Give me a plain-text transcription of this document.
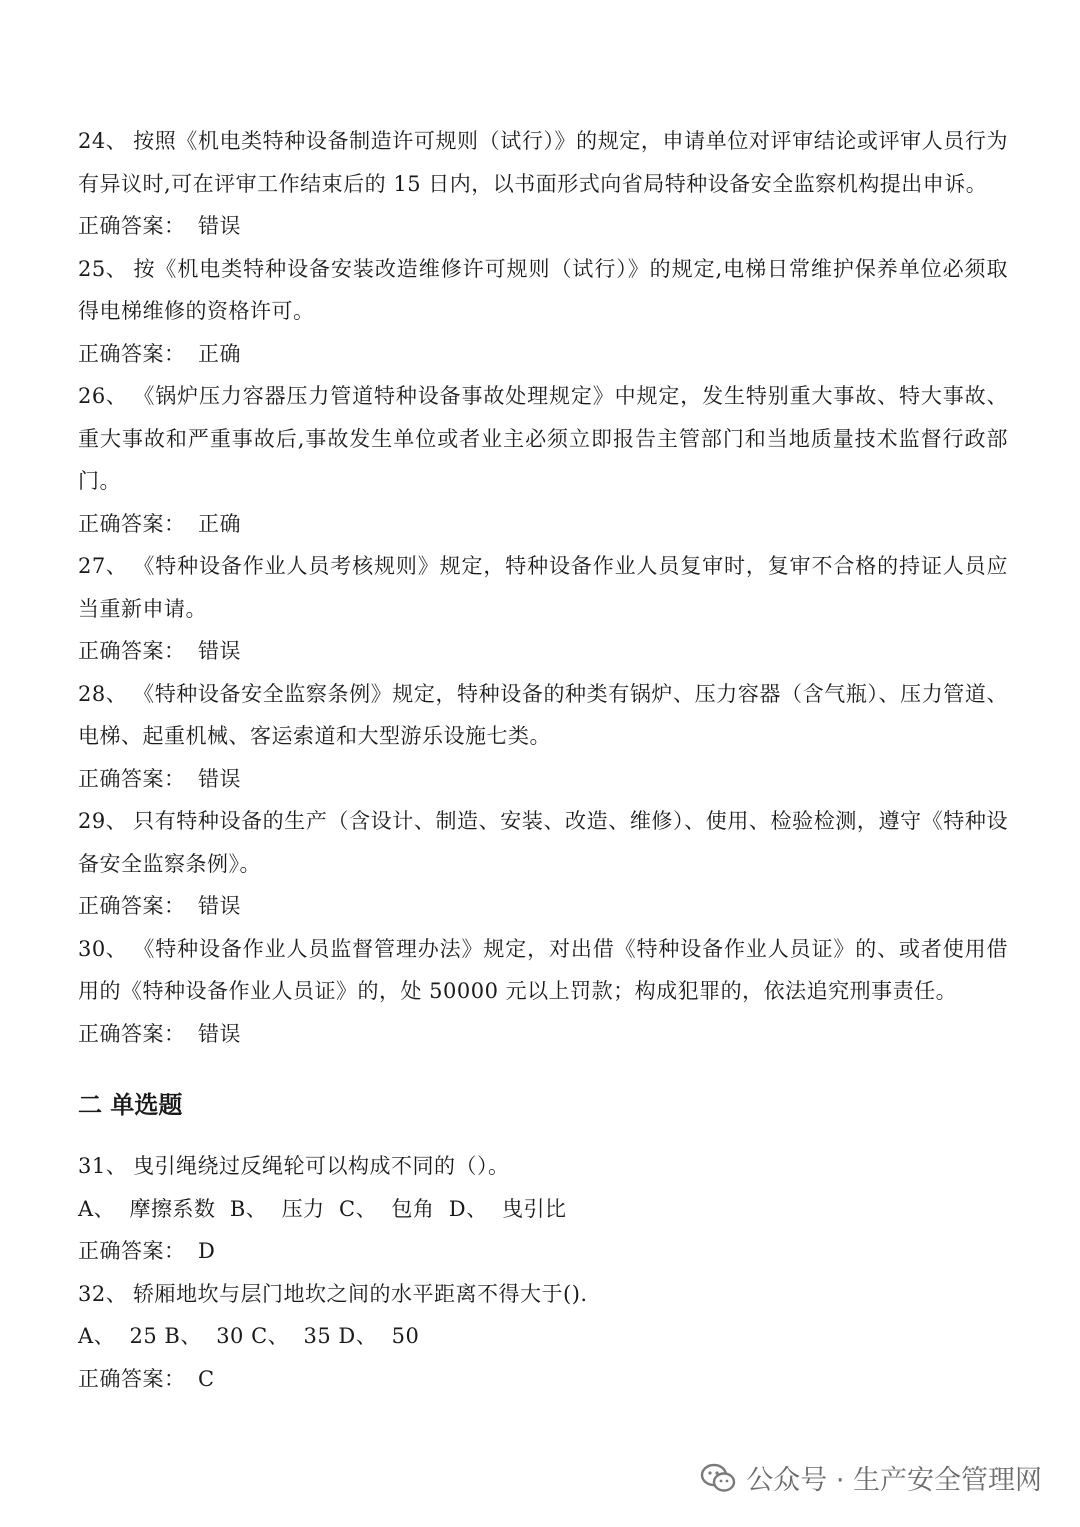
24、 按照《机电类特种设备制造许可规则（试行）》的规定，申请单位对评审结论或评审人员行为有异议时,可在评审工作结束后的 15 日内，以书面形式向省局特种设备安全监察机构提出申诉。

正确答案： 错误

25、 按《机电类特种设备安装改造维修许可规则（试行）》的规定,电梯日常维护保养单位必须取得电梯维修的资格许可。

正确答案： 正确

26、 《锅炉压力容器压力管道特种设备事故处理规定》中规定，发生特别重大事故、特大事故、重大事故和严重事故后,事故发生单位或者业主必须立即报告主管部门和当地质量技术监督行政部门。

正确答案： 正确

27、 《特种设备作业人员考核规则》规定，特种设备作业人员复审时，复审不合格的持证人员应当重新申请。

正确答案： 错误

28、 《特种设备安全监察条例》规定，特种设备的种类有锅炉、压力容器（含气瓶）、压力管道、电梯、起重机械、客运索道和大型游乐设施七类。

正确答案： 错误

29、 只有特种设备的生产（含设计、制造、安装、改造、维修）、使用、检验检测，遵守《特种设备安全监察条例》。

正确答案： 错误

30、 《特种设备作业人员监督管理办法》规定，对出借《特种设备作业人员证》的、或者使用借用的《特种设备作业人员证》的，处 50000 元以上罚款；构成犯罪的，依法追究刑事责任。

正确答案： 错误

二 单选题

31、 曳引绳绕过反绳轮可以构成不同的（）。

A、  摩擦系数  B、  压力  C、  包角  D、  曳引比

正确答案： D

32、 轿厢地坎与层门地坎之间的水平距离不得大于().

A、  25 B、  30 C、  35 D、  50

正确答案： C

公众号 · 生产安全管理网
